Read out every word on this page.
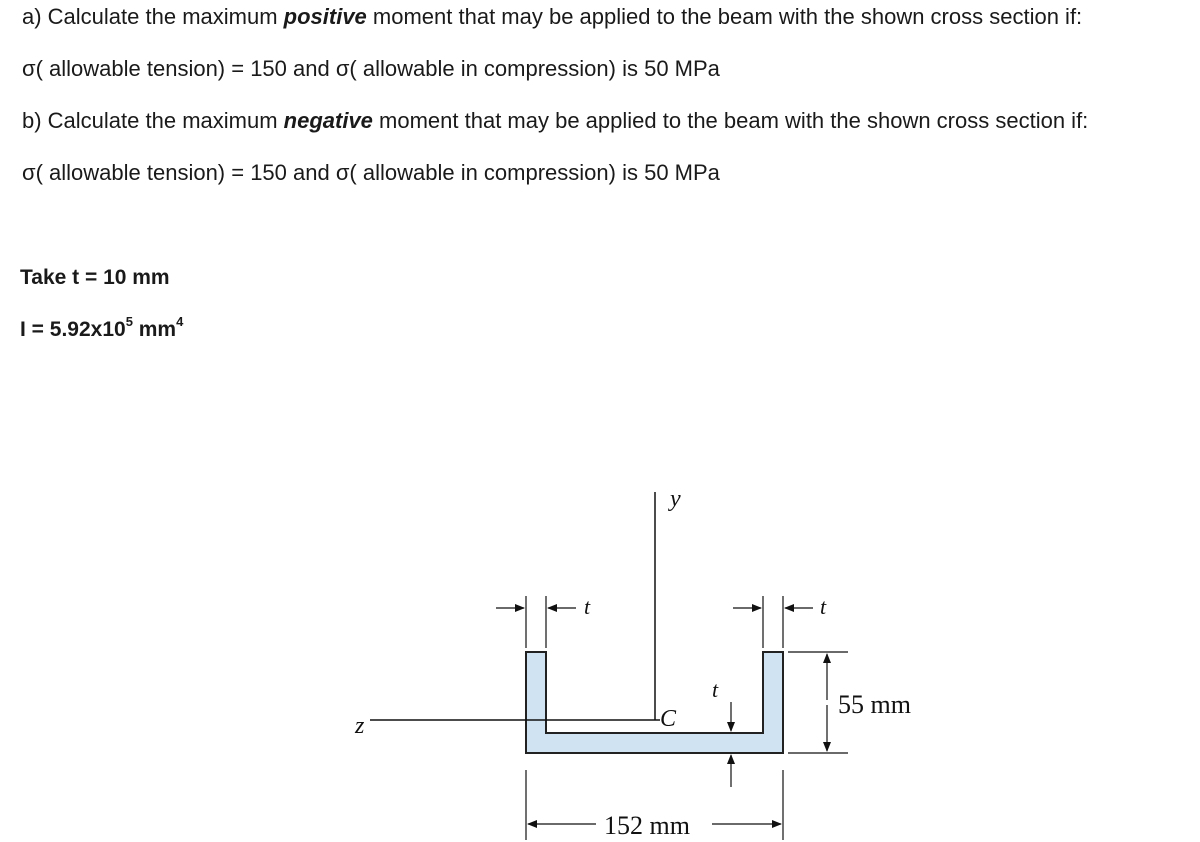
a) Calculate the maximum positive moment that may be applied to the beam with the shown cross section if:
σ( allowable tension) = 150 and σ( allowable in compression) is 50 MPa
b) Calculate the maximum negative moment that may be applied to the beam with the shown cross section if:
σ( allowable tension) = 150 and σ( allowable in compression) is 50 MPa
Take t = 10 mm
$I = 5.92x10^5$ $mm^4$
y
z	C
t	t
t
55 mm
152 mm
